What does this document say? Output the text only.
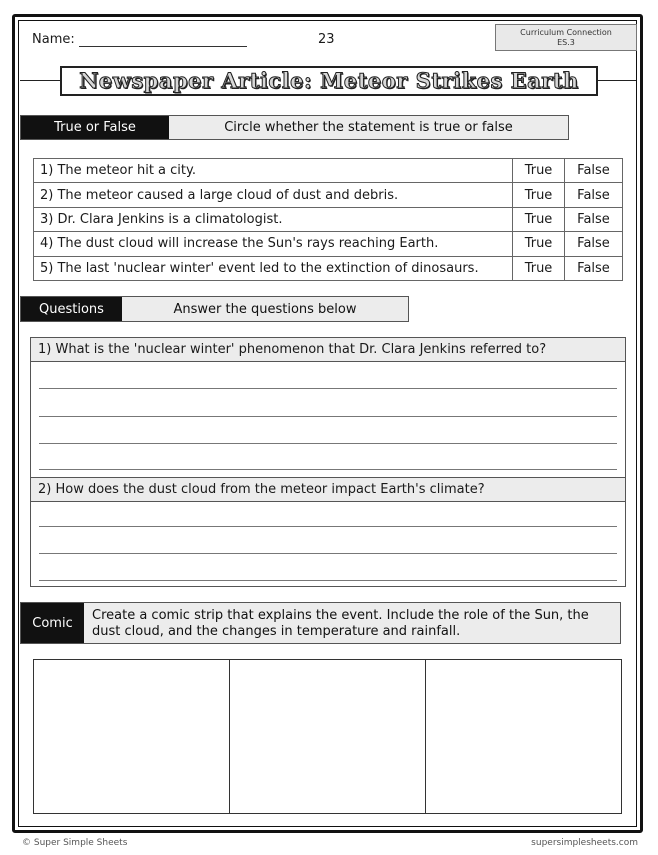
Name:	23	Curriculum Connection
ES.3
Newspaper Article: Meteor Strikes Earth
True or False	Circle whether the statement is true or false
1) The meteor hit a city.	True	False
2) The meteor caused a large cloud of dust and debris.	True	False
3) Dr. Clara Jenkins is a climatologist.	True	False
4) The dust cloud will increase the Sun's rays reaching Earth.	True	False
5) The last 'nuclear winter' event led to the extinction of dinosaurs.	True	False
Questions	Answer the questions below
1) What is the 'nuclear winter' phenomenon that Dr. Clara Jenkins referred to?
2) How does the dust cloud from the meteor impact Earth's climate?
Comic	Create a comic strip that explains the event. Include the role of the Sun, the dust cloud, and the changes in temperature and rainfall.
© Super Simple Sheets	supersimplesheets.com
